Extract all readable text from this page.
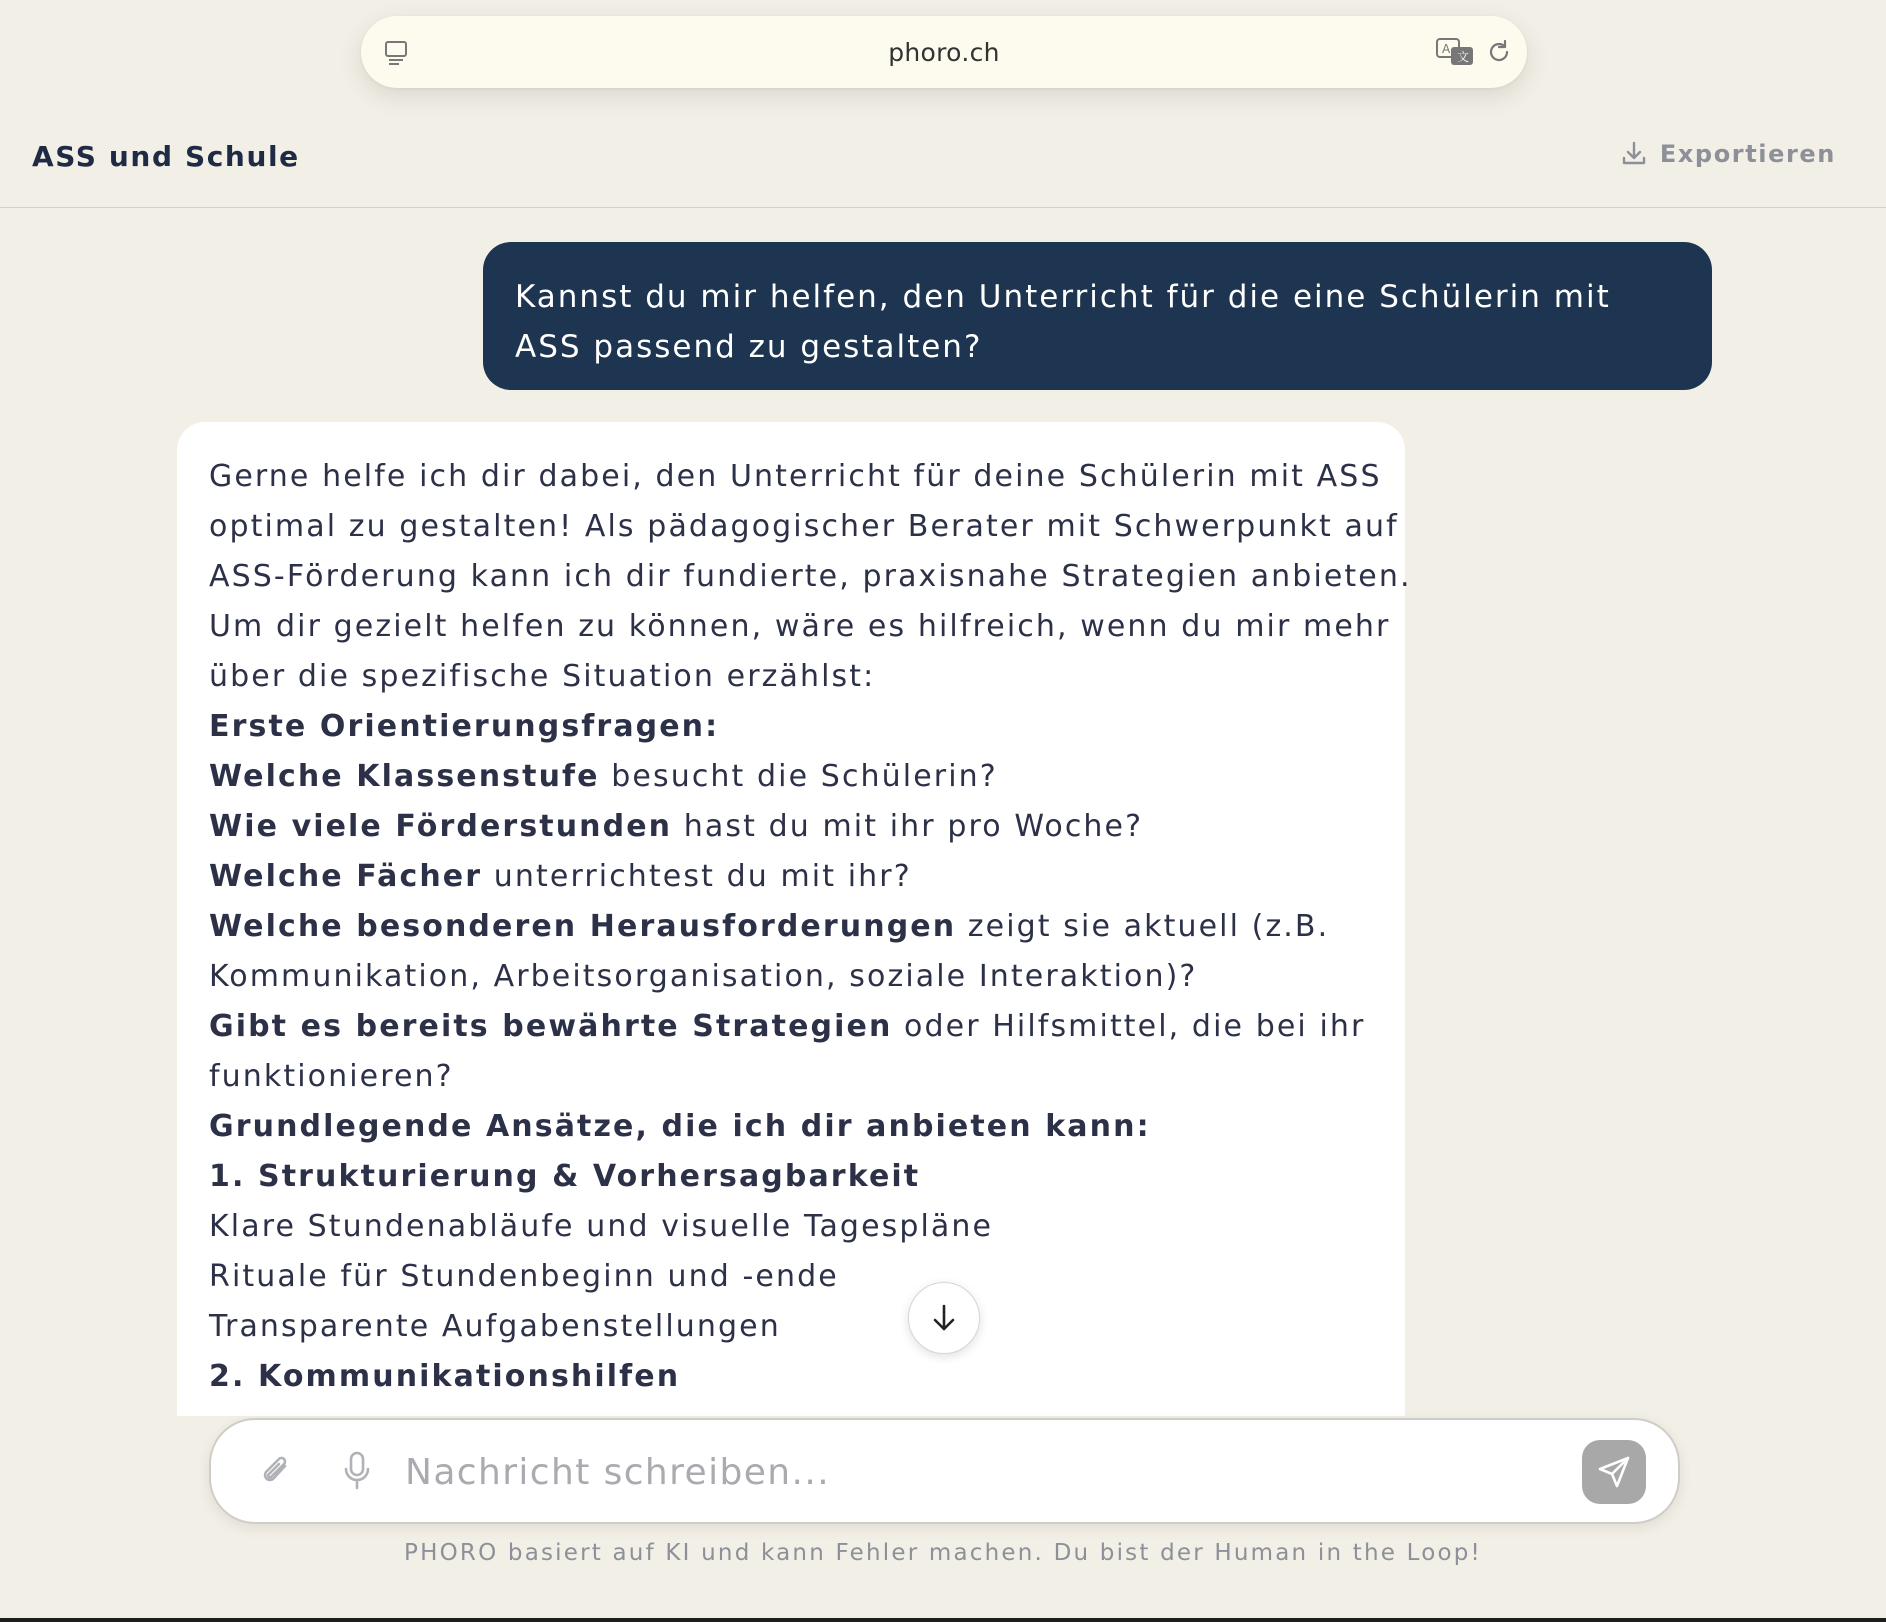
phoro.ch	A
文
ASS und Schule	Exportieren
Kannst du mir helfen, den Unterricht für die eine Schülerin mit
ASS passend zu gestalten?
Gerne helfe ich dir dabei, den Unterricht für deine Schülerin mit ASS
optimal zu gestalten! Als pädagogischer Berater mit Schwerpunkt auf
ASS-Förderung kann ich dir fundierte, praxisnahe Strategien anbieten.
Um dir gezielt helfen zu können, wäre es hilfreich, wenn du mir mehr
über die spezifische Situation erzählst:
Erste Orientierungsfragen:
Welche Klassenstufe besucht die Schülerin?
Wie viele Förderstunden hast du mit ihr pro Woche?
Welche Fächer unterrichtest du mit ihr?
Welche besonderen Herausforderungen zeigt sie aktuell (z.B.
Kommunikation, Arbeitsorganisation, soziale Interaktion)?
Gibt es bereits bewährte Strategien oder Hilfsmittel, die bei ihr
funktionieren?
Grundlegende Ansätze, die ich dir anbieten kann:
1. Strukturierung & Vorhersagbarkeit
Klare Stundenabläufe und visuelle Tagespläne
Rituale für Stundenbeginn und -ende
Transparente Aufgabenstellungen
2. Kommunikationshilfen
Nachricht schreiben...
PHORO basiert auf KI und kann Fehler machen. Du bist der Human in the Loop!
